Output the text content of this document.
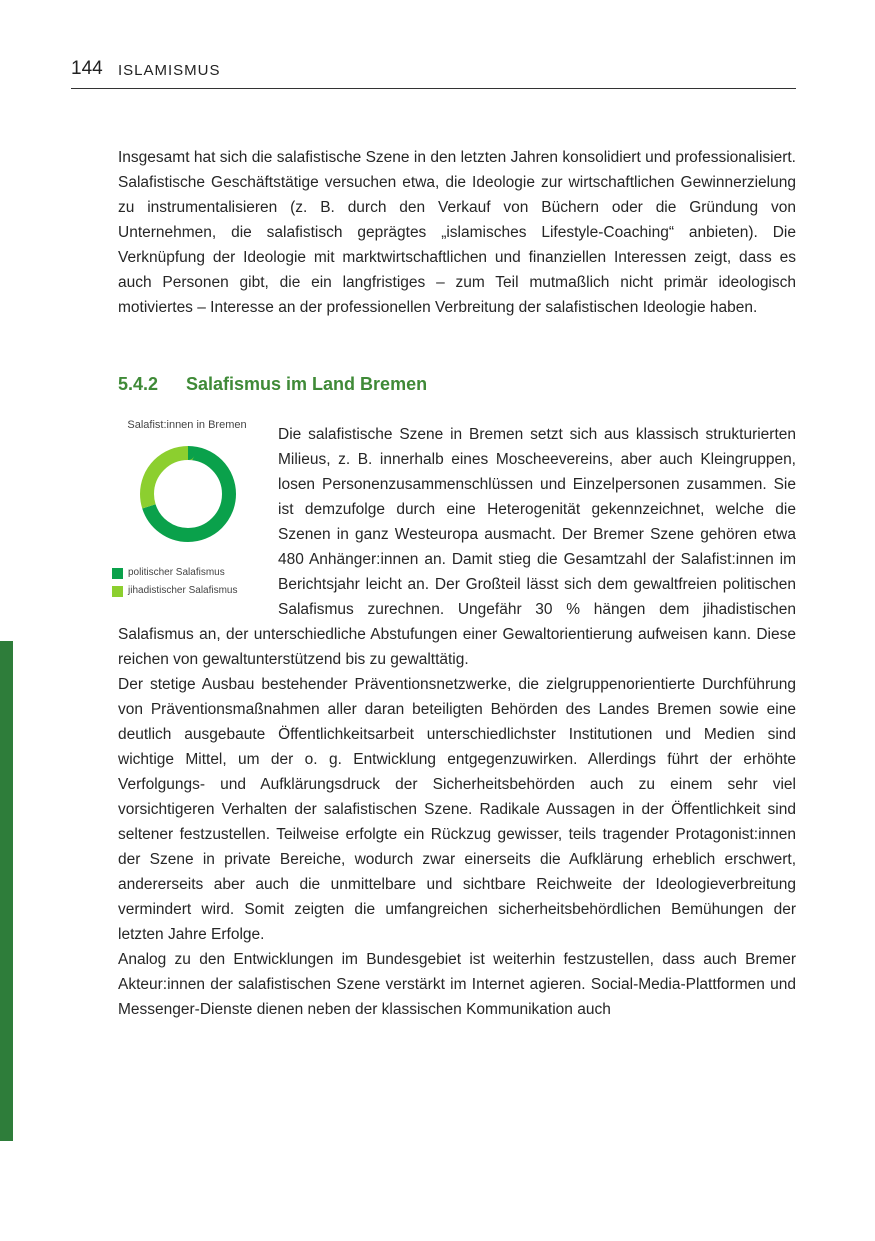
144 ISLAMISMUS

Insgesamt hat sich die salafistische Szene in den letzten Jahren konsolidiert und professionalisiert. Salafistische Geschäftstätige versuchen etwa, die Ideologie zur wirtschaftlichen Gewinnerzielung zu instrumentalisieren (z. B. durch den Verkauf von Büchern oder die Gründung von Unternehmen, die salafistisch geprägtes „islamisches Lifestyle-Coaching“ anbieten). Die Verknüpfung der Ideologie mit marktwirtschaftlichen und finanziellen Interessen zeigt, dass es auch Personen gibt, die ein langfristiges – zum Teil mutmaßlich nicht primär ideologisch motiviertes – Interesse an der professionellen Verbreitung der salafistischen Ideologie haben.

5.4.2 Salafismus im Land Bremen
Salafist:innen in Bremen
politischer Salafismus
jihadistischer Salafismus

Die salafistische Szene in Bremen setzt sich aus klassisch strukturierten Milieus, z. B. innerhalb eines Moscheevereins, aber auch Kleingruppen, losen Personenzusammenschlüssen und Einzelpersonen zusammen. Sie ist demzufolge durch eine Heterogenität gekennzeichnet, welche die Szenen in ganz Westeuropa ausmacht. Der Bremer Szene gehören etwa 480 Anhänger:innen an. Damit stieg die Gesamtzahl der Salafist:innen im Berichtsjahr leicht an. Der Großteil lässt sich dem gewaltfreien politischen Salafismus zurechnen. Ungefähr 30 % hängen dem jihadistischen Salafismus an, der unterschiedliche Abstufungen einer Gewaltorientierung aufweisen kann. Diese reichen von gewaltunterstützend bis zu gewalttätig.

Der stetige Ausbau bestehender Präventionsnetzwerke, die zielgruppenorientierte Durchführung von Präventionsmaßnahmen aller daran beteiligten Behörden des Landes Bremen sowie eine deutlich ausgebaute Öffentlichkeitsarbeit unterschiedlichster Institutionen und Medien sind wichtige Mittel, um der o. g. Entwicklung entgegenzuwirken. Allerdings führt der erhöhte Verfolgungs- und Aufklärungsdruck der Sicherheitsbehörden auch zu einem sehr viel vorsichtigeren Verhalten der salafistischen Szene. Radikale Aussagen in der Öffentlichkeit sind seltener festzustellen. Teilweise erfolgte ein Rückzug gewisser, teils tragender Protagonist:innen der Szene in private Bereiche, wodurch zwar einerseits die Aufklärung erheblich erschwert, andererseits aber auch die unmittelbare und sichtbare Reichweite der Ideologieverbreitung vermindert wird. Somit zeigten die umfangreichen sicherheitsbehördlichen Bemühungen der letzten Jahre Erfolge.

Analog zu den Entwicklungen im Bundesgebiet ist weiterhin festzustellen, dass auch Bremer Akteur:innen der salafistischen Szene verstärkt im Internet agieren. Social-Media-Plattformen und Messenger-Dienste dienen neben der klassischen Kommunikation auch
